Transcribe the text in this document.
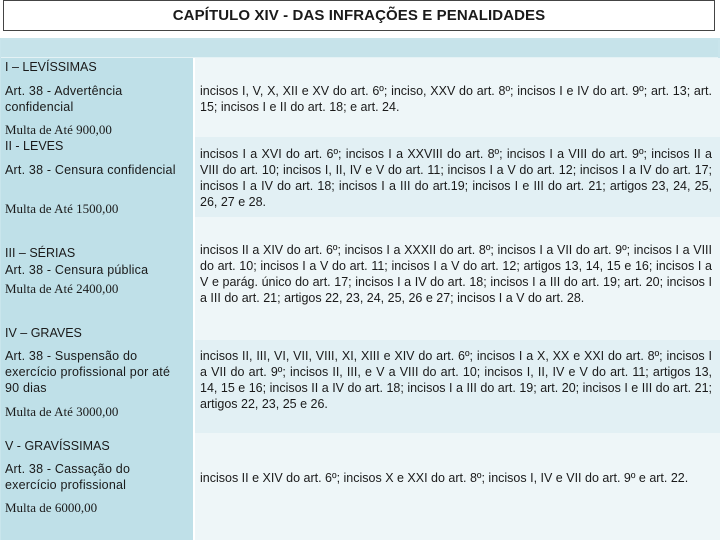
CAPÍTULO XIV - DAS INFRAÇÕES E PENALIDADES
I – LEVÍSSIMAS
Art. 38 - Advertência confidencial
Multa de Até 900,00
incisos I, V, X, XII e XV do art. 6º; inciso, XXV do art. 8º; incisos I e IV do art. 9º; art. 13; art. 15; incisos I e II do art. 18; e art. 24.
II - LEVES
Art. 38 - Censura confidencial
Multa de Até 1500,00
incisos I a XVI do art. 6º; incisos I a XXVIII do art. 8º; incisos I a VIII do art. 9º; incisos II a VIII do art. 10; incisos I, II, IV e V do art. 11; incisos I a V do art. 12; incisos I a IV do art. 17; incisos I a IV do art. 18; incisos I a III do art.19; incisos I e III do art. 21; artigos 23, 24, 25, 26, 27 e 28.
III – SÉRIAS
Art. 38 - Censura pública
Multa de Até 2400,00
incisos II a XIV do art. 6º; incisos I a XXXII do art. 8º; incisos I a VII do art. 9º; incisos I a VIII do art. 10; incisos I a V do art. 11; incisos I a V do art. 12; artigos 13, 14, 15 e 16; incisos I a V e parág. único do art. 17; incisos I a IV do art. 18; incisos I a III do art. 19; art. 20; incisos I a III do art. 21; artigos 22, 23, 24, 25, 26 e 27; incisos I a V do art. 28.
IV – GRAVES
Art. 38 - Suspensão do exercício profissional por até 90 dias
Multa de Até 3000,00
incisos II, III, VI, VII, VIII, XI, XIII e XIV do art. 6º; incisos I a X, XX e XXI do art. 8º; incisos I a VII do art. 9º; incisos II, III, e V a VIII do art. 10; incisos I, II, IV e V do art. 11; artigos 13, 14, 15 e 16; incisos II a IV do art. 18; incisos I a III do art. 19; art. 20; incisos I e III do art. 21; artigos 22, 23, 25 e 26.
V - GRAVÍSSIMAS
Art. 38 - Cassação do exercício profissional
Multa de 6000,00
incisos II e XIV do art. 6º; incisos X e XXI do art. 8º; incisos I, IV e VII do art. 9º e art. 22.
